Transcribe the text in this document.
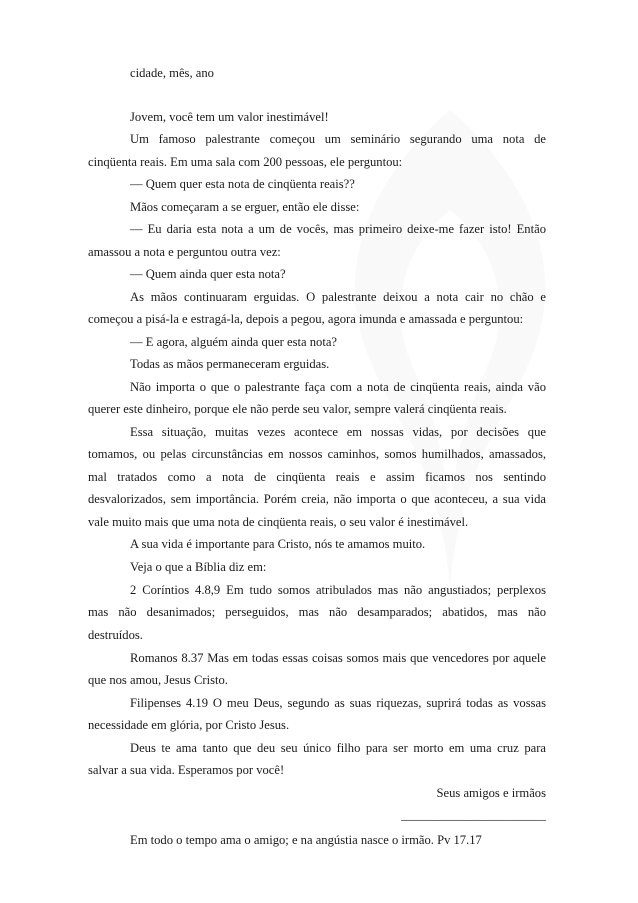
cidade, mês, ano
Jovem, você tem um valor inestimável!
Um famoso palestrante começou um seminário segurando uma nota de
cinqüenta reais. Em uma sala com 200 pessoas, ele perguntou:
— Quem quer esta nota de cinqüenta reais??
Mãos começaram a se erguer, então ele disse:
— Eu daria esta nota a um de vocês, mas primeiro deixe-me fazer isto! Então
amassou a nota e perguntou outra vez:
— Quem ainda quer esta nota?
As mãos continuaram erguidas. O palestrante deixou a nota cair no chão e
começou a pisá-la e estragá-la, depois a pegou, agora imunda e amassada e perguntou:
— E agora, alguém ainda quer esta nota?
Todas as mãos permaneceram erguidas.
Não importa o que o palestrante faça com a nota de cinqüenta reais, ainda vão
querer este dinheiro, porque ele não perde seu valor, sempre valerá cinqüenta reais.
Essa situação, muitas vezes acontece em nossas vidas, por decisões que
tomamos, ou pelas circunstâncias em nossos caminhos, somos humilhados, amassados,
mal tratados como a nota de cinqüenta reais e assim ficamos nos sentindo
desvalorizados, sem importância. Porém creia, não importa o que aconteceu, a sua vida
vale muito mais que uma nota de cinqüenta reais, o seu valor é inestimável.
A sua vida é importante para Cristo, nós te amamos muito.
Veja o que a Bíblia diz em:
2 Coríntios 4.8,9 Em tudo somos atribulados mas não angustiados; perplexos
mas não desanimados; perseguidos, mas não desamparados; abatidos, mas não
destruídos.
Romanos 8.37 Mas em todas essas coisas somos mais que vencedores por aquele
que nos amou, Jesus Cristo.
Filipenses 4.19 O meu Deus, segundo as suas riquezas, suprirá todas as vossas
necessidade em glória, por Cristo Jesus.
Deus te ama tanto que deu seu único filho para ser morto em uma cruz para
salvar a sua vida. Esperamos por você!
Seus amigos e irmãos
_______________________
Em todo o tempo ama o amigo; e na angústia nasce o irmão. Pv 17.17
